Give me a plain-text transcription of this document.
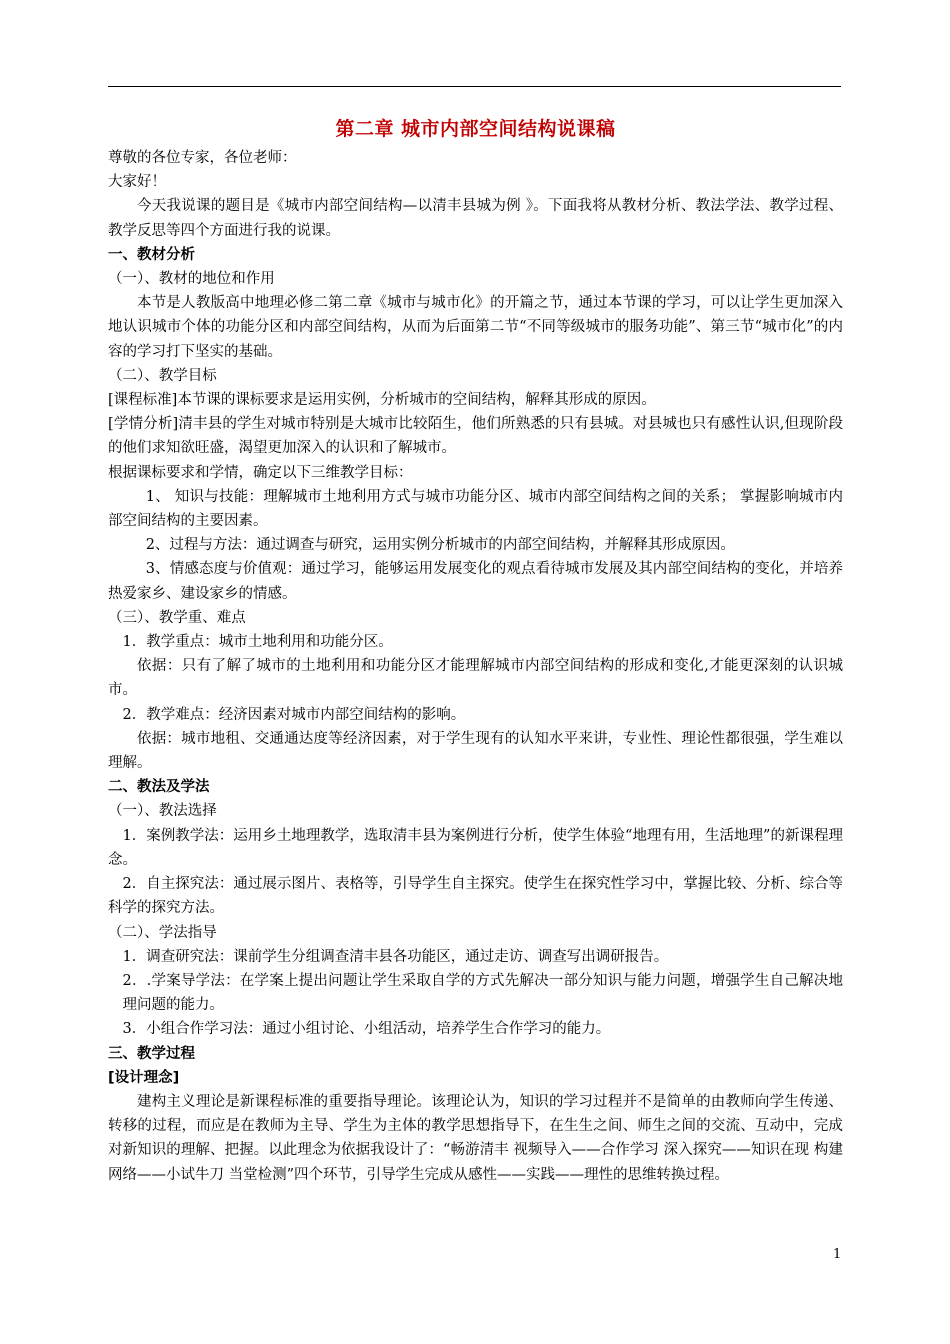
第二章 城市内部空间结构说课稿

尊敬的各位专家，各位老师：

大家好！

今天我说课的题目是《城市内部空间结构—以清丰县城为例 》。下面我将从教材分析、教法学法、教学过程、教学反思等四个方面进行我的说课。

一、教材分析

（一）、教材的地位和作用

本节是人教版高中地理必修二第二章《城市与城市化》的开篇之节，通过本节课的学习，可以让学生更加深入地认识城市个体的功能分区和内部空间结构，从而为后面第二节“不同等级城市的服务功能”、第三节“城市化”的内容的学习打下坚实的基础。

（二）、教学目标

[课程标准]本节课的课标要求是运用实例，分析城市的空间结构，解释其形成的原因。

[学情分析]清丰县的学生对城市特别是大城市比较陌生，他们所熟悉的只有县城。对县城也只有感性认识,但现阶段的他们求知欲旺盛，渴望更加深入的认识和了解城市。

根据课标要求和学情，确定以下三维教学目标：

1、 知识与技能：理解城市土地利用方式与城市功能分区、城市内部空间结构之间的关系； 掌握影响城市内部空间结构的主要因素。

2、过程与方法：通过调查与研究，运用实例分析城市的内部空间结构，并解释其形成原因。

3、情感态度与价值观：通过学习，能够运用发展变化的观点看待城市发展及其内部空间结构的变化，并培养热爱家乡、建设家乡的情感。

（三）、教学重、难点

1．教学重点：城市土地利用和功能分区。

依据：只有了解了城市的土地利用和功能分区才能理解城市内部空间结构的形成和变化,才能更深刻的认识城市。

2．教学难点：经济因素对城市内部空间结构的影响。

依据：城市地租、交通通达度等经济因素，对于学生现有的认知水平来讲，专业性、理论性都很强，学生难以理解。

二、教法及学法

（一）、教法选择

1．案例教学法：运用乡土地理教学，选取清丰县为案例进行分析，使学生体验“地理有用，生活地理”的新课程理念。

2．自主探究法：通过展示图片、表格等，引导学生自主探究。使学生在探究性学习中，掌握比较、分析、综合等科学的探究方法。

（二）、学法指导

1．调查研究法：课前学生分组调查清丰县各功能区，通过走访、调查写出调研报告。

2．.学案导学法：在学案上提出问题让学生采取自学的方式先解决一部分知识与能力问题，增强学生自己解决地理问题的能力。

3．小组合作学习法：通过小组讨论、小组活动，培养学生合作学习的能力。

三、教学过程

[设计理念]

建构主义理论是新课程标准的重要指导理论。该理论认为，知识的学习过程并不是简单的由教师向学生传递、转移的过程，而应是在教师为主导、学生为主体的教学思想指导下，在生生之间、师生之间的交流、互动中，完成对新知识的理解、把握。以此理念为依据我设计了：“畅游清丰 视频导入——合作学习 深入探究——知识在现 构建网络——小试牛刀 当堂检测”四个环节，引导学生完成从感性——实践——理性的思维转换过程。

1
